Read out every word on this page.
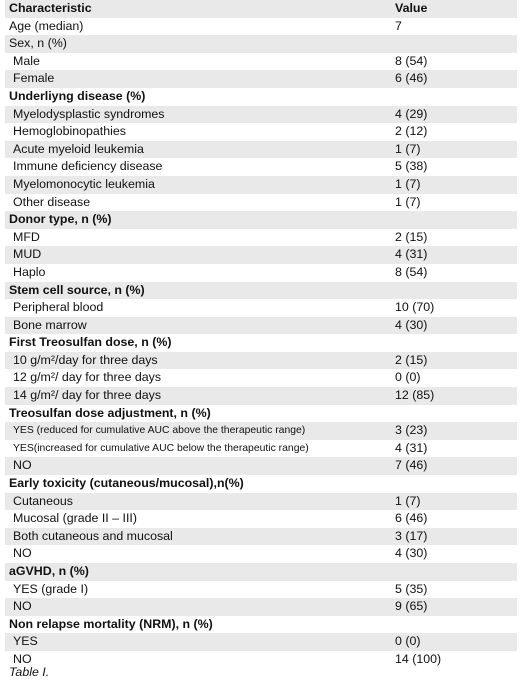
Characteristic	Value
Age (median)	7
Sex, n (%)
Male	8 (54)
Female	6 (46)
Underliyng disease (%)
Myelodysplastic syndromes	4 (29)
Hemoglobinopathies	2 (12)
Acute myeloid leukemia	1 (7)
Immune deficiency disease	5 (38)
Myelomonocytic leukemia	1 (7)
Other disease	1 (7)
Donor type, n (%)
MFD	2 (15)
MUD	4 (31)
Haplo	8 (54)
Stem cell source, n (%)
Peripheral blood	10 (70)
Bone marrow	4 (30)
First Treosulfan dose, n (%)
10 g/m²/day for three days	2 (15)
12 g/m²/ day for three days	0 (0)
14 g/m²/ day for three days	12 (85)
Treosulfan dose adjustment, n (%)
YES (reduced for cumulative AUC above the therapeutic range)	3 (23)
YES(increased for cumulative AUC below the therapeutic range)	4 (31)
NO	7 (46)
Early toxicity (cutaneous/mucosal),n(%)
Cutaneous	1 (7)
Mucosal (grade II – III)	6 (46)
Both cutaneous and mucosal	3 (17)
NO	4 (30)
aGVHD, n (%)
YES (grade I)	5 (35)
NO	9 (65)
Non relapse mortality (NRM), n (%)
YES	0 (0)
NO	14 (100)
Table I.
